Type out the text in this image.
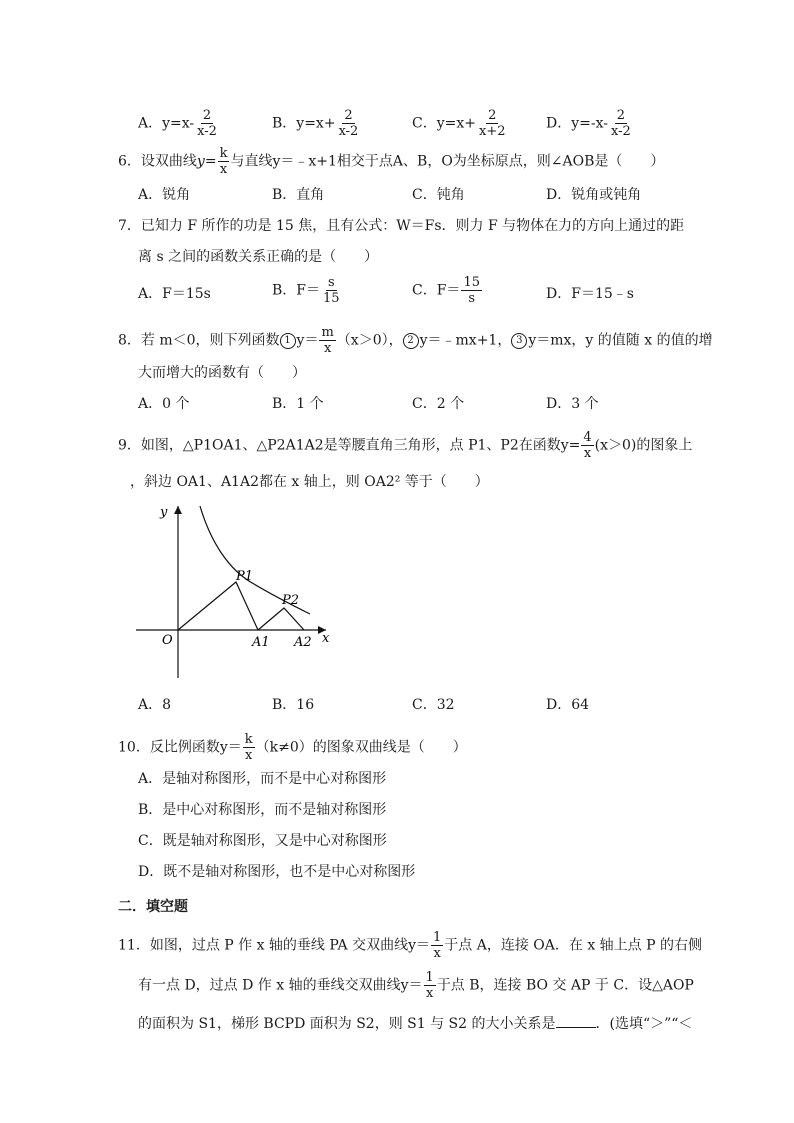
A．$y=x- \frac{2}{x-2}$	B．$y=x+ \frac{2}{x-2}$	C．$y=x+ \frac{2}{x+2}$	D．$y=-x- \frac{2}{x-2}$
6．设双曲线$y= \frac{k}{x}$ 与直线y＝﹣x+1相交于点A、B，O为坐标原点，则∠AOB是（　　）
A．锐角	B．直角	C．钝角	D．锐角或钝角
7．已知力 F 所作的功是 15 焦，且有公式：W＝Fs．则力 F 与物体在力的方向上通过的距
离 s 之间的函数关系正确的是（　　）
A．F＝15s	B．$F= \frac{s}{15}$	C．$F= \frac{15}{s}$	D．F＝15﹣s
8．若 m＜0，则下列函数 1 $y= \frac{m}{x} (x>0)$， 2 y＝﹣mx+1， 3 y＝mx，y 的值随 x 的值的增
大而增大的函数有（　　）
A．0 个	B．1 个	C．2 个	D．3 个
9．如图，△P1OA1、△P2A1A2是等腰直角三角形，点 P1、P2在函数$y= \frac{4}{x} (x>0)$的图象上
，斜边 OA1、A1A2都在 x 轴上，则 OA2² 等于（　　）
y
x
O
P1
P2
A1 A2
A．8	B．16	C．32	D．64
10．反比例函数$y= \frac{k}{x} (k\ne 0)$的图象双曲线是（　　）
A．是轴对称图形，而不是中心对称图形
B．是中心对称图形，而不是轴对称图形
C．既是轴对称图形，又是中心对称图形
D．既不是轴对称图形，也不是中心对称图形
二．填空题
11．如图，过点 P 作 x 轴的垂线 PA 交双曲线$y= \frac{1}{x}$ 于点 A，连接 OA．在 x 轴上点 P 的右侧
有一点 D，过点 D 作 x 轴的垂线交双曲线$y= \frac{1}{x}$ 于点 B，连接 BO 交 AP 于 C．设△AOP
的面积为 S1，梯形 BCPD 面积为 S2，则 S1 与 S2 的大小关系是	．(选填“＞”“＜
